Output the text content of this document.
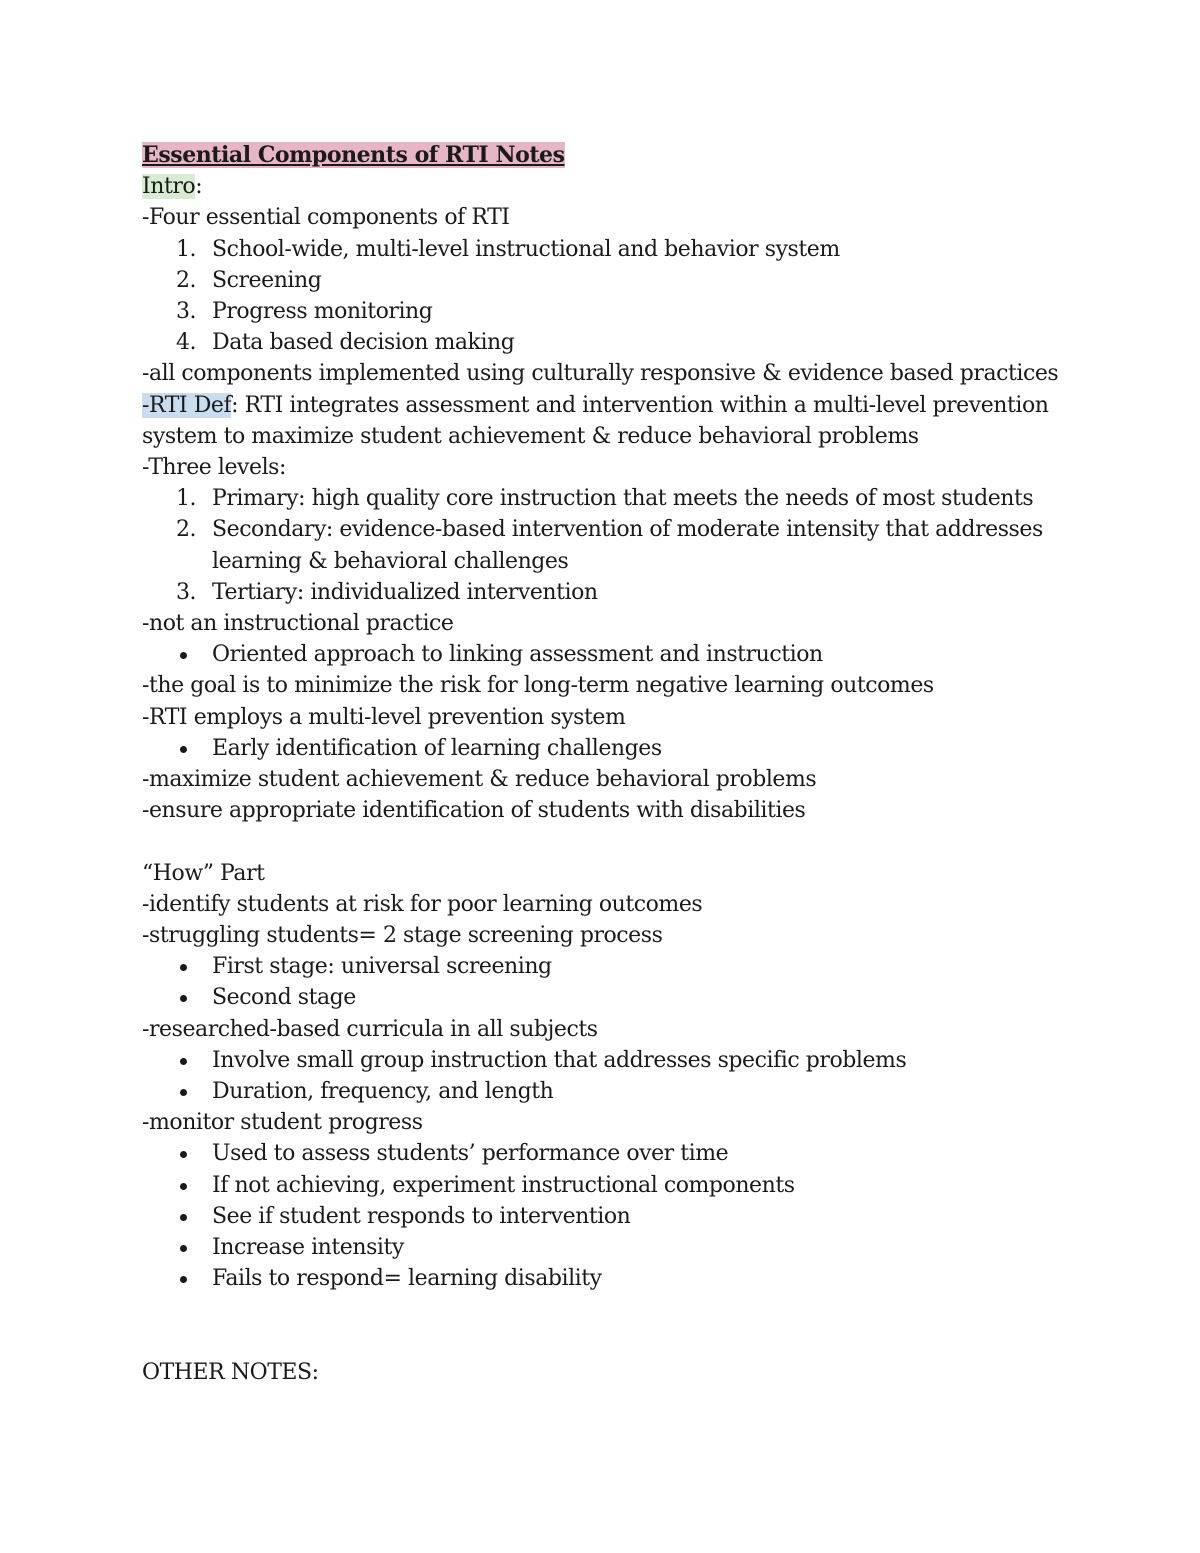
Essential Components of RTI Notes
Intro:
-Four essential components of RTI
1. School-wide, multi-level instructional and behavior system
2. Screening
3. Progress monitoring
4. Data based decision making
-all components implemented using culturally responsive & evidence based practices
-RTI Def: RTI integrates assessment and intervention within a multi-level prevention system to maximize student achievement & reduce behavioral problems
-Three levels:
1. Primary: high quality core instruction that meets the needs of most students
2. Secondary: evidence-based intervention of moderate intensity that addresses learning & behavioral challenges
3. Tertiary: individualized intervention
-not an instructional practice
Oriented approach to linking assessment and instruction
-the goal is to minimize the risk for long-term negative learning outcomes
-RTI employs a multi-level prevention system
Early identification of learning challenges
-maximize student achievement & reduce behavioral problems
-ensure appropriate identification of students with disabilities
“How” Part
-identify students at risk for poor learning outcomes
-struggling students= 2 stage screening process
First stage: universal screening
Second stage
-researched-based curricula in all subjects
Involve small group instruction that addresses specific problems
Duration, frequency, and length
-monitor student progress
Used to assess students’ performance over time
If not achieving, experiment instructional components
See if student responds to intervention
Increase intensity
Fails to respond= learning disability
OTHER NOTES:
